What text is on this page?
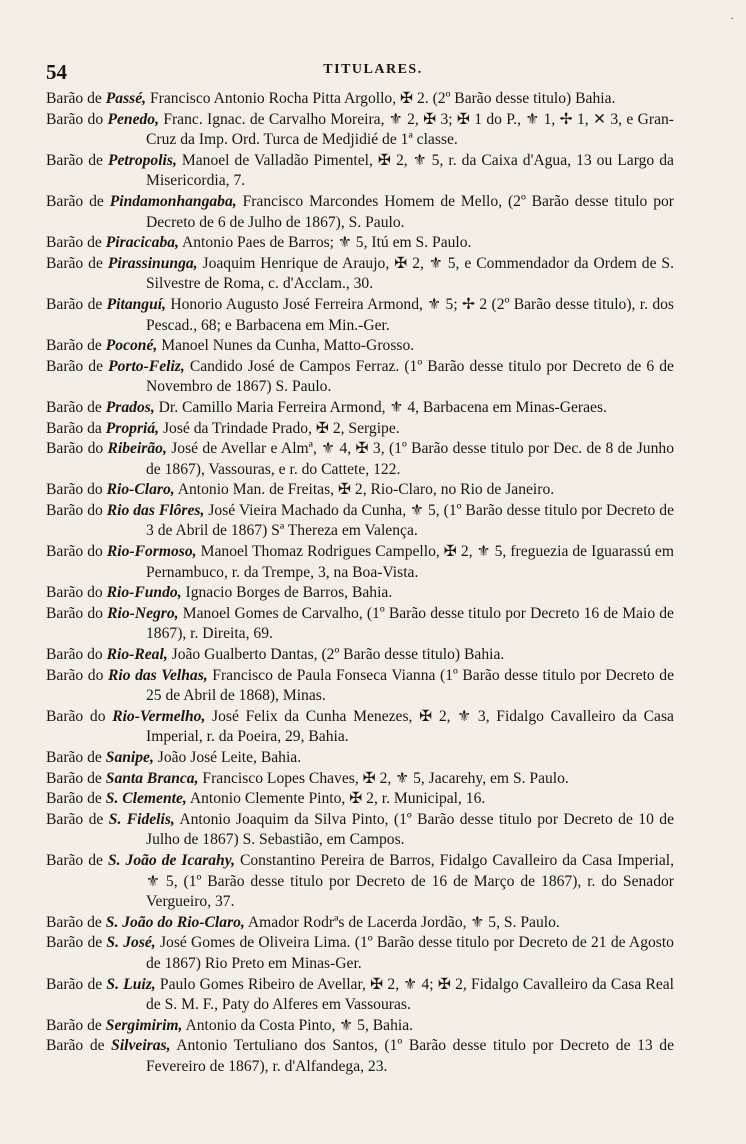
54	TITULARES.
˙
Barão de Passé, Francisco Antonio Rocha Pitta Argollo, ✠ 2. (2º Barão desse titulo) Bahia.
Barão do Penedo, Franc. Ignac. de Carvalho Moreira, ⚜ 2, ✠ 3; ✠ 1 do P., ⚜ 1, ✢ 1, ✕ 3, e Gran-Cruz da Imp. Ord. Turca de Medjidié de 1ª classe.
Barão de Petropolis, Manoel de Valladão Pimentel, ✠ 2, ⚜ 5, r. da Caixa d'Agua, 13 ou Largo da Misericordia, 7.
Barão de Pindamonhangaba, Francisco Marcondes Homem de Mello, (2º Barão desse titulo por Decreto de 6 de Julho de 1867), S. Paulo.
Barão de Piracicaba, Antonio Paes de Barros; ⚜ 5, Itú em S. Paulo.
Barão de Pirassinunga, Joaquim Henrique de Araujo, ✠ 2, ⚜ 5, e Commendador da Ordem de S. Silvestre de Roma, c. d'Acclam., 30.
Barão de Pitanguí, Honorio Augusto José Ferreira Armond, ⚜ 5; ✢ 2 (2º Barão desse titulo), r. dos Pescad., 68; e Barbacena em Min.-Ger.
Barão de Poconé, Manoel Nunes da Cunha, Matto-Grosso.
Barão de Porto-Feliz, Candido José de Campos Ferraz. (1º Barão desse titulo por Decreto de 6 de Novembro de 1867) S. Paulo.
Barão de Prados, Dr. Camillo Maria Ferreira Armond, ⚜ 4, Barbacena em Minas-Geraes.
Barão da Propriá, José da Trindade Prado, ✠ 2, Sergipe.
Barão do Ribeirão, José de Avellar e Almª, ⚜ 4, ✠ 3, (1º Barão desse titulo por Dec. de 8 de Junho de 1867), Vassouras, e r. do Cattete, 122.
Barão do Rio-Claro, Antonio Man. de Freitas, ✠ 2, Rio-Claro, no Rio de Janeiro.
Barão do Rio das Flôres, José Vieira Machado da Cunha, ⚜ 5, (1º Barão desse titulo por Decreto de 3 de Abril de 1867) Sª Thereza em Valença.
Barão do Rio-Formoso, Manoel Thomaz Rodrigues Campello, ✠ 2, ⚜ 5, freguezia de Iguarassú em Pernambuco, r. da Trempe, 3, na Boa-Vista.
Barão do Rio-Fundo, Ignacio Borges de Barros, Bahia.
Barão do Rio-Negro, Manoel Gomes de Carvalho, (1º Barão desse titulo por Decreto 16 de Maio de 1867), r. Direita, 69.
Barão do Rio-Real, João Gualberto Dantas, (2º Barão desse titulo) Bahia.
Barão do Rio das Velhas, Francisco de Paula Fonseca Vianna (1º Barão desse titulo por Decreto de 25 de Abril de 1868), Minas.
Barão do Rio-Vermelho, José Felix da Cunha Menezes, ✠ 2, ⚜ 3, Fidalgo Cavalleiro da Casa Imperial, r. da Poeira, 29, Bahia.
Barão de Sanipe, João José Leite, Bahia.
Barão de Santa Branca, Francisco Lopes Chaves, ✠ 2, ⚜ 5, Jacarehy, em S. Paulo.
Barão de S. Clemente, Antonio Clemente Pinto, ✠ 2, r. Municipal, 16.
Barão de S. Fidelis, Antonio Joaquim da Silva Pinto, (1º Barão desse titulo por Decreto de 10 de Julho de 1867) S. Sebastião, em Campos.
Barão de S. João de Icarahy, Constantino Pereira de Barros, Fidalgo Cavalleiro da Casa Imperial, ⚜ 5, (1º Barão desse titulo por Decreto de 16 de Março de 1867), r. do Senador Vergueiro, 37.
Barão de S. João do Rio-Claro, Amador Rodrªs de Lacerda Jordão, ⚜ 5, S. Paulo.
Barão de S. José, José Gomes de Oliveira Lima. (1º Barão desse titulo por Decreto de 21 de Agosto de 1867) Rio Preto em Minas-Ger.
Barão de S. Luiz, Paulo Gomes Ribeiro de Avellar, ✠ 2, ⚜ 4; ✠ 2, Fidalgo Cavalleiro da Casa Real de S. M. F., Paty do Alferes em Vassouras.
Barão de Sergimirim, Antonio da Costa Pinto, ⚜ 5, Bahia.
Barão de Silveiras, Antonio Tertuliano dos Santos, (1º Barão desse titulo por Decreto de 13 de Fevereiro de 1867), r. d'Alfandega, 23.
